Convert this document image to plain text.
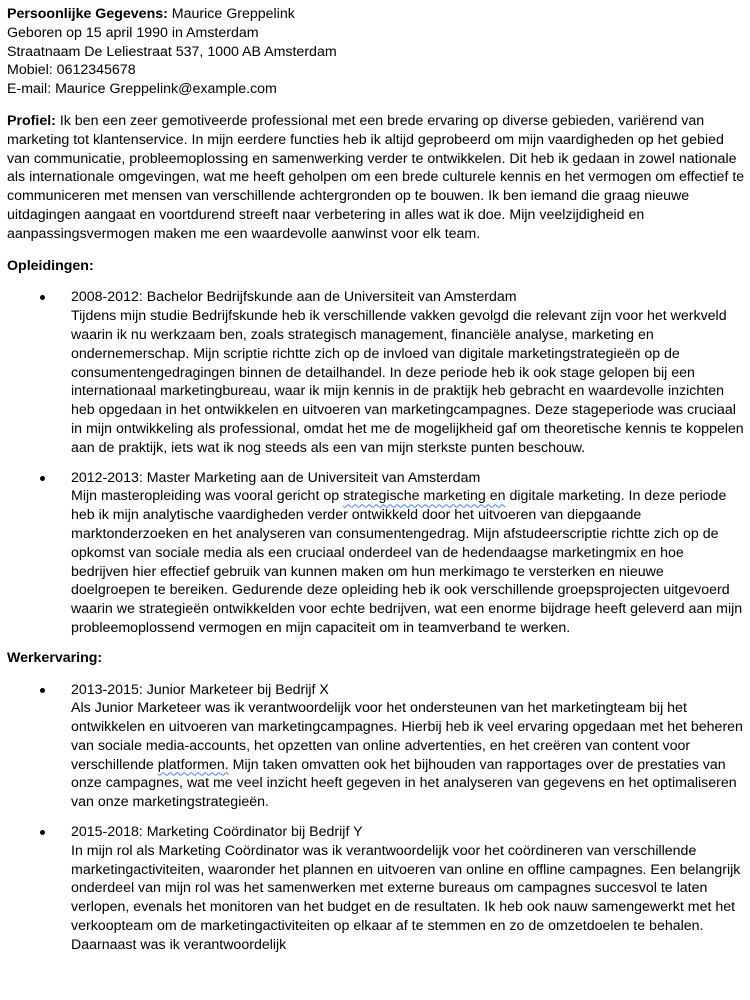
Persoonlijke Gegevens: Maurice Greppelink
Geboren op 15 april 1990 in Amsterdam
Straatnaam De Leliestraat 537, 1000 AB Amsterdam
Mobiel: 0612345678
E-mail: Maurice Greppelink@example.com

Profiel: Ik ben een zeer gemotiveerde professional met een brede ervaring op diverse gebieden, variërend van marketing tot klantenservice. In mijn eerdere functies heb ik altijd geprobeerd om mijn vaardigheden op het gebied van communicatie, probleemoplossing en samenwerking verder te ontwikkelen. Dit heb ik gedaan in zowel nationale als internationale omgevingen, wat me heeft geholpen om een brede culturele kennis en het vermogen om effectief te communiceren met mensen van verschillende achtergronden op te bouwen. Ik ben iemand die graag nieuwe uitdagingen aangaat en voortdurend streeft naar verbetering in alles wat ik doe. Mijn veelzijdigheid en aanpassingsvermogen maken me een waardevolle aanwinst voor elk team.

Opleidingen:
2008-2012: Bachelor Bedrijfskunde aan de Universiteit van Amsterdam
Tijdens mijn studie Bedrijfskunde heb ik verschillende vakken gevolgd die relevant zijn voor het werkveld waarin ik nu werkzaam ben, zoals strategisch management, financiële analyse, marketing en ondernemerschap. Mijn scriptie richtte zich op de invloed van digitale marketingstrategieën op de consumentengedragingen binnen de detailhandel. In deze periode heb ik ook stage gelopen bij een internationaal marketingbureau, waar ik mijn kennis in de praktijk heb gebracht en waardevolle inzichten heb opgedaan in het ontwikkelen en uitvoeren van marketingcampagnes. Deze stageperiode was cruciaal in mijn ontwikkeling als professional, omdat het me de mogelijkheid gaf om theoretische kennis te koppelen aan de praktijk, iets wat ik nog steeds als een van mijn sterkste punten beschouw.
2012-2013: Master Marketing aan de Universiteit van Amsterdam
Mijn masteropleiding was vooral gericht op strategische marketing en digitale marketing. In deze periode heb ik mijn analytische vaardigheden verder ontwikkeld door het uitvoeren van diepgaande marktonderzoeken en het analyseren van consumentengedrag. Mijn afstudeerscriptie richtte zich op de opkomst van sociale media als een cruciaal onderdeel van de hedendaagse marketingmix en hoe bedrijven hier effectief gebruik van kunnen maken om hun merkimago te versterken en nieuwe doelgroepen te bereiken. Gedurende deze opleiding heb ik ook verschillende groepsprojecten uitgevoerd waarin we strategieën ontwikkelden voor echte bedrijven, wat een enorme bijdrage heeft geleverd aan mijn probleemoplossend vermogen en mijn capaciteit om in teamverband te werken.
Werkervaring:
2013-2015: Junior Marketeer bij Bedrijf X
Als Junior Marketeer was ik verantwoordelijk voor het ondersteunen van het marketingteam bij het ontwikkelen en uitvoeren van marketingcampagnes. Hierbij heb ik veel ervaring opgedaan met het beheren van sociale media-accounts, het opzetten van online advertenties, en het creëren van content voor verschillende platformen. Mijn taken omvatten ook het bijhouden van rapportages over de prestaties van onze campagnes, wat me veel inzicht heeft gegeven in het analyseren van gegevens en het optimaliseren van onze marketingstrategieën.
2015-2018: Marketing Coördinator bij Bedrijf Y
In mijn rol als Marketing Coördinator was ik verantwoordelijk voor het coördineren van verschillende marketingactiviteiten, waaronder het plannen en uitvoeren van online en offline campagnes. Een belangrijk onderdeel van mijn rol was het samenwerken met externe bureaus om campagnes succesvol te laten verlopen, evenals het monitoren van het budget en de resultaten. Ik heb ook nauw samengewerkt met het verkoopteam om de marketingactiviteiten op elkaar af te stemmen en zo de omzetdoelen te behalen. Daarnaast was ik verantwoordelijk
